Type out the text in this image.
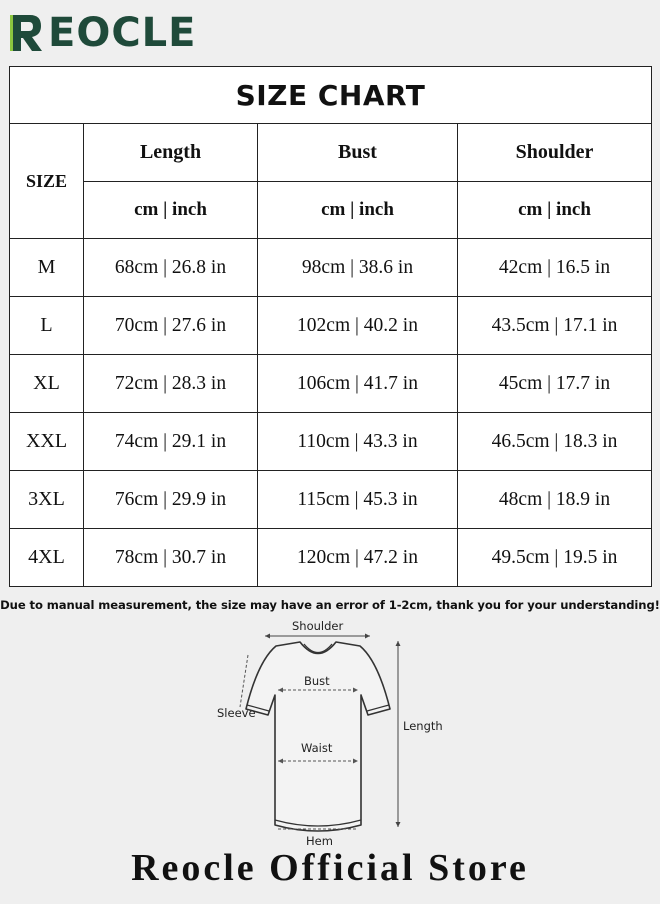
EOCLE
SIZE CHART			
SIZE	Length	Bust	Shoulder
	cm | inch	cm | inch	cm | inch
M	68cm | 26.8 in	98cm | 38.6 in	42cm | 16.5 in
L	70cm | 27.6 in	102cm | 40.2 in	43.5cm | 17.1 in
XL	72cm | 28.3 in	106cm | 41.7 in	45cm | 17.7 in
XXL	74cm | 29.1 in	110cm | 43.3 in	46.5cm | 18.3 in
3XL	76cm | 29.9 in	115cm | 45.3 in	48cm | 18.9 in
4XL	78cm | 30.7 in	120cm | 47.2 in	49.5cm | 19.5 in
Due to manual measurement, the size may have an error of 1-2cm, thank you for your understanding!
Shoulder
Bust
Sleeve
Waist
Length
Hem
Reocle Official Store
